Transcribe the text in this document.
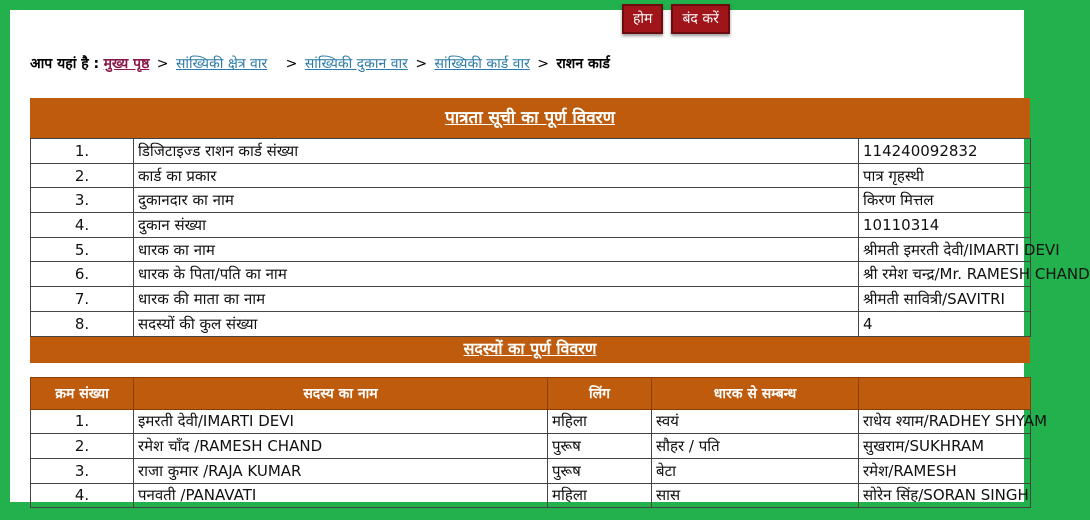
होम	बंद करें
आप यहां है : मुख्य पृष्ठ > सांख्यिकी क्षेत्र वार > सांख्यिकी दुकान वार > सांख्यिकी कार्ड वार > राशन कार्ड
पात्रता सूची का पूर्ण विवरण
1.	डिजिटाइज्ड राशन कार्ड संख्या	114240092832
2.	कार्ड का प्रकार	पात्र गृहस्थी
3.	दुकानदार का नाम	किरण मित्तल
4.	दुकान संख्या	10110314
5.	धारक का नाम	श्रीमती इमरती देवी/IMARTI DEVI
6.	धारक के पिता/पति का नाम	श्री रमेश चन्द्र/Mr. RAMESH CHAND
7.	धारक की माता का नाम	श्रीमती सावित्री/SAVITRI
8.	सदस्यों की कुल संख्या	4
सदस्यों का पूर्ण विवरण
क्रम संख्या	सदस्य का नाम	लिंग	धारक से सम्बन्ध	
1.	इमरती देवी/IMARTI DEVI	महिला	स्वयं	राधेय श्याम/RADHEY SHYAM
2.	रमेश चाँद /RAMESH CHAND	पुरूष	सौहर / पति	सुखराम/SUKHRAM
3.	राजा कुमार /RAJA KUMAR	पुरूष	बेटा	रमेश/RAMESH
4.	पनवती /PANAVATI	महिला	सास	सोरेन सिंह/SORAN SINGH
